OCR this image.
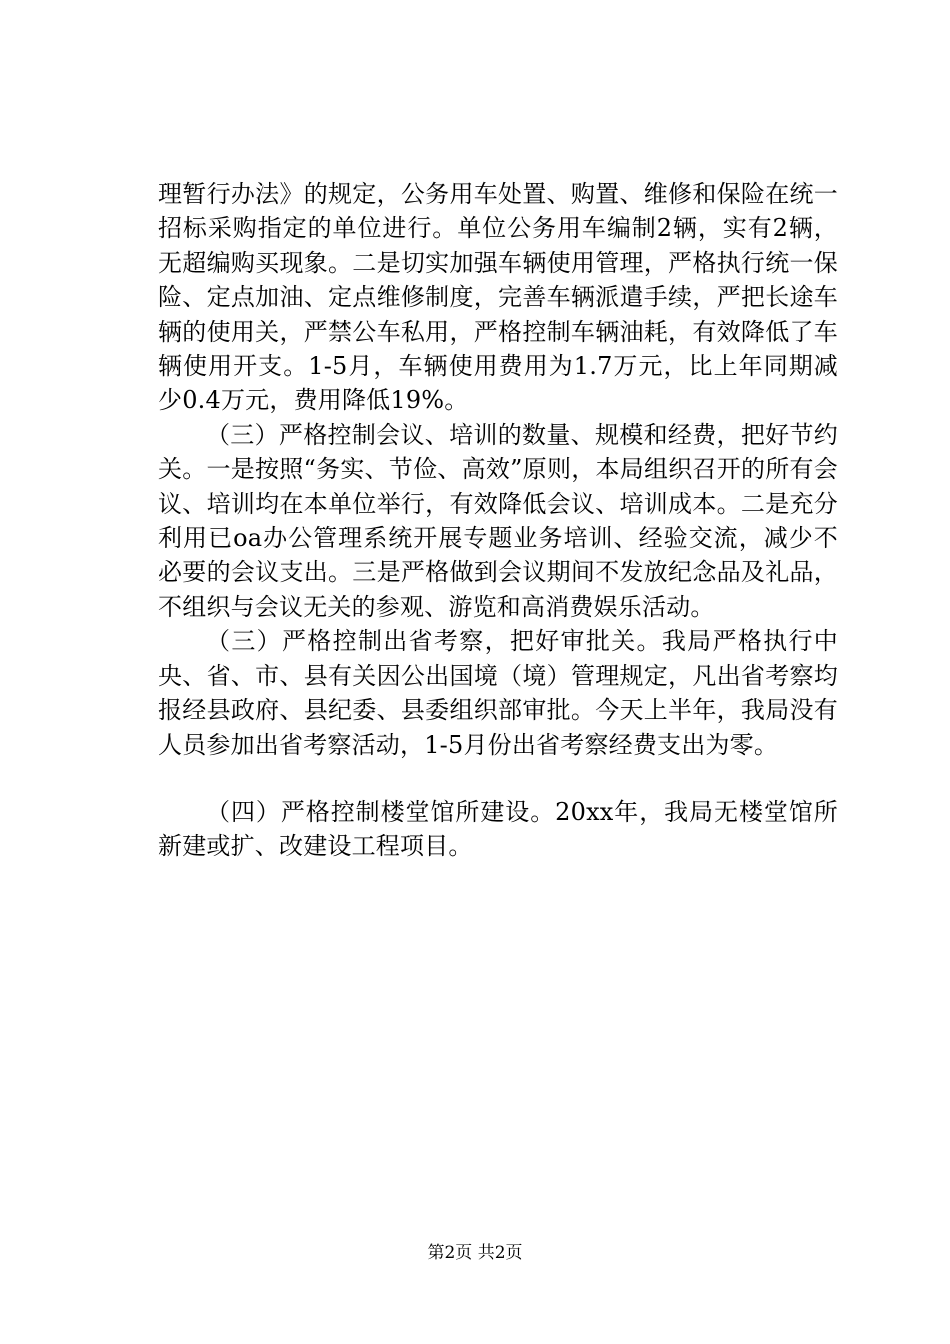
理暂行办法》的规定，公务用车处置、购置、维修和保险在统一招标采购指定的单位进行。单位公务用车编制2辆，实有2辆，无超编购买现象。二是切实加强车辆使用管理，严格执行统一保险、定点加油、定点维修制度，完善车辆派遣手续，严把长途车辆的使用关，严禁公车私用，严格控制车辆油耗，有效降低了车辆使用开支。1-5月，车辆使用费用为1.7万元，比上年同期减少0.4万元，费用降低19%。

（三）严格控制会议、培训的数量、规模和经费，把好节约关。一是按照“务实、节俭、高效”原则，本局组织召开的所有会议、培训均在本单位举行，有效降低会议、培训成本。二是充分利用已oa办公管理系统开展专题业务培训、经验交流，减少不必要的会议支出。三是严格做到会议期间不发放纪念品及礼品，不组织与会议无关的参观、游览和高消费娱乐活动。

（三）严格控制出省考察，把好审批关。我局严格执行中央、省、市、县有关因公出国境（境）管理规定，凡出省考察均报经县政府、县纪委、县委组织部审批。今天上半年，我局没有人员参加出省考察活动，1-5月份出省考察经费支出为零。

（四）严格控制楼堂馆所建设。20xx年，我局无楼堂馆所新建或扩、改建设工程项目。

第2页 共2页
